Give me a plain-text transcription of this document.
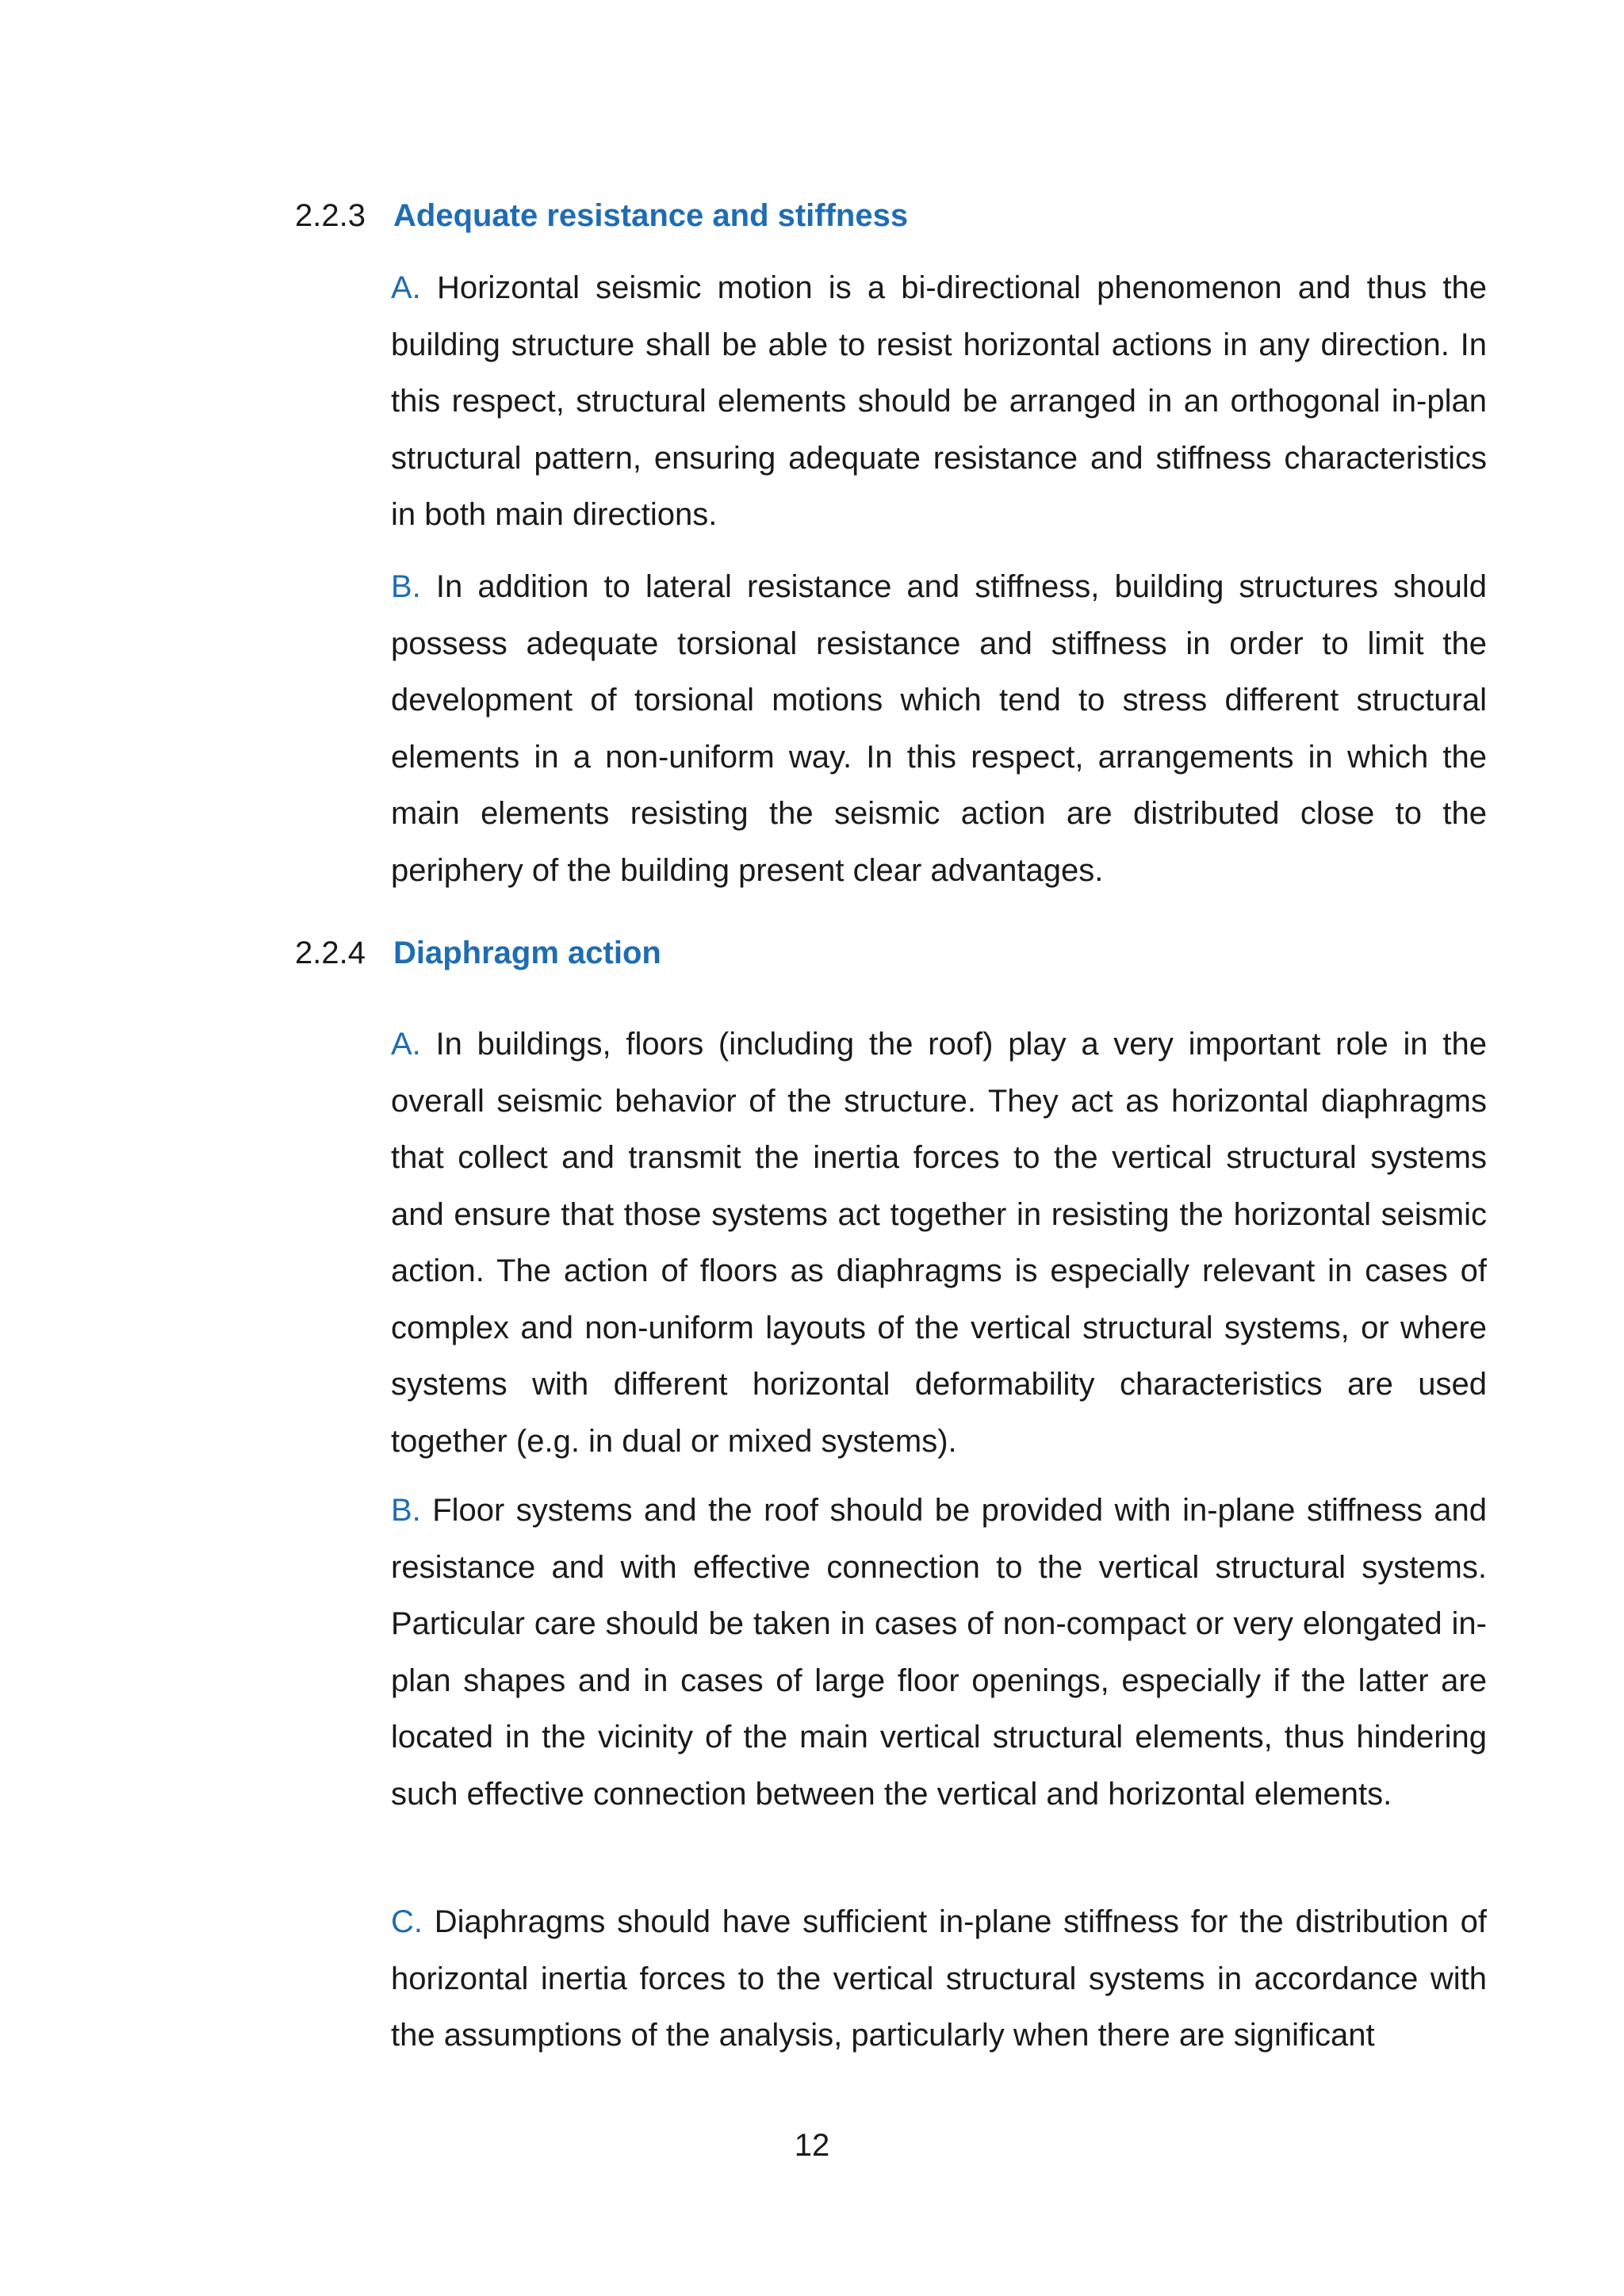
2.2.3 Adequate resistance and stiffness

A. Horizontal seismic motion is a bi-directional phenomenon and thus the building structure shall be able to resist horizontal actions in any direction. In this respect, structural elements should be arranged in an orthogonal in-plan structural pattern, ensuring adequate resistance and stiffness characteristics in both main directions.

B. In addition to lateral resistance and stiffness, building structures should possess adequate torsional resistance and stiffness in order to limit the development of torsional motions which tend to stress different structural elements in a non-uniform way. In this respect, arrangements in which the main elements resisting the seismic action are distributed close to the periphery of the building present clear advantages.

2.2.4 Diaphragm action

A. In buildings, floors (including the roof) play a very important role in the overall seismic behavior of the structure. They act as horizontal diaphragms that collect and transmit the inertia forces to the vertical structural systems and ensure that those systems act together in resisting the horizontal seismic action. The action of floors as diaphragms is especially relevant in cases of complex and non-uniform layouts of the vertical structural systems, or where systems with different horizontal deformability characteristics are used together (e.g. in dual or mixed systems).

B. Floor systems and the roof should be provided with in-plane stiffness and resistance and with effective connection to the vertical structural systems. Particular care should be taken in cases of non-compact or very elongated in-plan shapes and in cases of large floor openings, especially if the latter are located in the vicinity of the main vertical structural elements, thus hindering such effective connection between the vertical and horizontal elements.

C. Diaphragms should have sufficient in-plane stiffness for the distribution of horizontal inertia forces to the vertical structural systems in accordance with the assumptions of the analysis, particularly when there are significant

12
